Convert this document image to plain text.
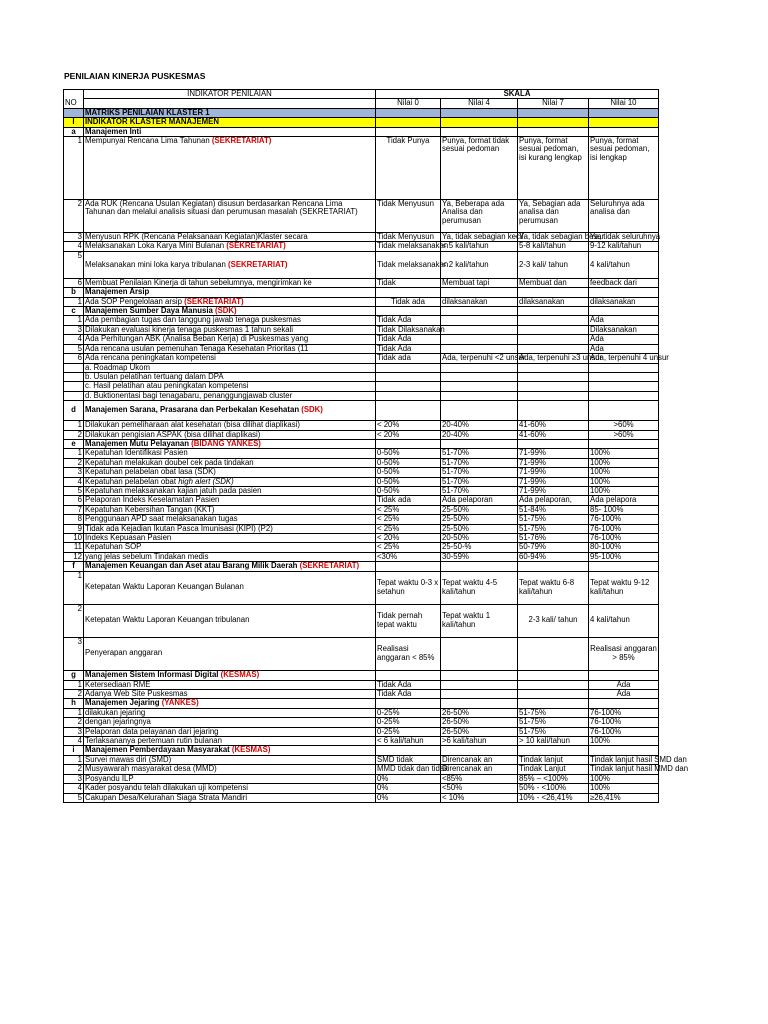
PENILAIAN KINERJA PUSKESMAS
NO	INDIKATOR PENILAIAN	SKALA			
		Nilai 0	Nilai 4	Nilai 7	Nilai 10
	MATRIKS PENILAIAN KLASTER 1				
I	INDIKATOR KLASTER MANAJEMEN				
a	Manajemen Inti				
1	Mempunyai Rencana Lima Tahunan (SEKRETARIAT)	Tidak Punya	Punya, format tidak sesuai pedoman	Punya, format sesuai pedoman, isi kurang lengkap	Punya, format sesuai pedoman, isi lengkap
2	Ada RUK (Rencana Usulan Kegiatan) disusun berdasarkan Rencana Lima Tahunan dan melalui analisis situasi dan perumusan masalah (SEKRETARIAT)	Tidak Menyusun	Ya, Beberapa ada Analisa dan perumusan	Ya, Sebagian ada analisa dan perumusan	Seluruhnya ada analisa dan
3	Menyusun RPK (Rencana Pelaksanaan Kegiatan)Klaster secara	Tidak Menyusun	Ya, tidak sebagian kecil	Ya, tidak sebagian besar	Ya, tidak seluruhnya
4	Melaksanakan Loka Karya Mini Bulanan (SEKRETARIAT)	Tidak melaksanakan	< 5 kali/tahun	5-8 kali/tahun	9-12 kali/tahun
5	Melaksanakan mini loka karya tribulanan (SEKRETARIAT)	Tidak melaksanakan	< 2 kali/tahun	2-3 kali/ tahun	4 kali/tahun
6	Membuat Penilaian Kinerja di tahun sebelumnya, mengirimkan ke	Tidak	Membuat tapi	Membuat dan	feedback dari
b	Manajemen Arsip				
1	Ada SOP Pengelolaan arsip (SEKRETARIAT)	Tidak ada	dilaksanakan	dilaksanakan	dilaksanakan
c	Manajemen Sumber Daya Manusia (SDK)				
1	Ada pembagian tugas dan tanggung jawab tenaga puskesmas	Tidak Ada			Ada
3	Dilakukan evaluasi kinerja tenaga puskesmas 1 tahun sekali	Tidak Dilaksanakan			Dilaksanakan
4	Ada Perhitungan ABK (Analisa Beban Kerja) di Puskesmas yang	Tidak Ada			Ada
5	Ada rencana usulan pemenuhan Tenaga Kesehatan Prioritas (11	Tidak Ada			Ada
6	Ada rencana peningkatan kompetensi	Tidak ada	Ada, terpenuhi <2 unsur	Ada, terpenuhi ≥3 unsur	Ada, terpenuhi 4 unsur
	a. Roadmap Ukom				
	b. Usulan pelatihan tertuang dalam DPA				
	c. Hasil pelatihan atau peningkatan kompetensi				
	d. Buktionentasi bagi tenagabaru, penanggungjawab cluster				
d	Manajemen Sarana, Prasarana dan Perbekalan Kesehatan (SDK)				
1	Dilakukan pemeliharaan alat kesehatan (bisa dilihat diaplikasi)	< 20%	20-40%	41-60%	>60%
2	Dilakukan pengisian ASPAK (bisa dilihat diaplikasi)	< 20%	20-40%	41-60%	>60%
e	Manajemen Mutu Pelayanan (BIDANG YANKES)				
1	Kepatuhan Identifikasi Pasien	0-50%	51-70%	71-99%	100%
2	Kepatuhan melakukan doubel cek pada tindakan	0-50%	51-70%	71-99%	100%
3	Kepatuhan pelabelan obat lasa (SDK)	0-50%	51-70%	71-99%	100%
4	Kepatuhan pelabelan obat high alert (SDK)	0-50%	51-70%	71-99%	100%
5	Kepatuhan melaksanakan kajian jatuh pada pasien	0-50%	51-70%	71-99%	100%
6	Pelaporan Indeks Keselamatan Pasien	Tidak ada	Ada pelaporan	Ada pelaporan,	Ada pelapora
7	Kepatuhan Kebersihan Tangan (KKT)	< 25%	25-50%	51-84%	85- 100%
8	Penggunaan APD saat melaksanakan tugas	< 25%	25-50%	51-75%	76-100%
9	Tidak ada Kejadian Ikutan Pasca Imunisasi (KIPI) (P2)	< 25%	25-50%	51-75%	76-100%
10	Indeks Kepuasan Pasien	< 20%	20-50%	51-76%	76-100%
11	Kepatuhan SOP	< 25%	25-50-%	50-79%	80-100%
12	yang jelas sebelum Tindakan medis	<30%	30-59%	60-94%	95-100%
f	Manajemen Keuangan dan Aset atau Barang Milik Daerah (SEKRETARIAT)				
1	Ketepatan Waktu Laporan Keuangan Bulanan	Tepat waktu 0-3 x setahun	Tepat waktu 4-5 kali/tahun	Tepat waktu 6-8 kali/tahun	Tepat waktu 9-12 kali/tahun
2	Ketepatan Waktu Laporan Keuangan tribulanan	Tidak pernah tepat waktu	Tepat waktu 1 kali/tahun	2-3 kali/ tahun	4 kali/tahun
3	Penyerapan anggaran	Realisasi anggaran < 85%			Realisasi anggaran > 85%
g	Manajemen Sistem Informasi Digital (KESMAS)				
1	Ketersediaan RME	Tidak Ada			Ada
2	Adanya Web Site Puskesmas	Tidak Ada			Ada
h	Manajemen Jejaring (YANKES)				
1	dilakukan jejaring	0-25%	26-50%	51-75%	76-100%
2	dengan jejaringnya	0-25%	26-50%	51-75%	76-100%
3	Pelaporan data pelayanan dari jejaring	0-25%	26-50%	51-75%	76-100%
4	Terlaksananya pertemuan rutin bulanan	< 6 kali/tahun	>6 kali/tahun	> 10 kali/tahun	100%
i	Manajemen Pemberdayaan Masyarakat (KESMAS)				
1	Survei mawas diri (SMD)	SMD tidak	Direncanak an	Tindak lanjut	Tindak lanjut hasil SMD dan
2	Musyawarah masyarakat desa (MMD)	MMD tidak dan tidak	Direncanak an	Tindak Lanjut	Tindak lanjut hasil MMD dan
3	Posyandu ILP	0%	<85%	85% – <100%	100%
4	Kader posyandu telah dilakukan uji kompetensi	0%	<50%	50% - <100%	100%
5	Cakupan Desa/Kelurahan Siaga Strata Mandiri	0%	< 10%	10% - <26,41%	≥26,41%
